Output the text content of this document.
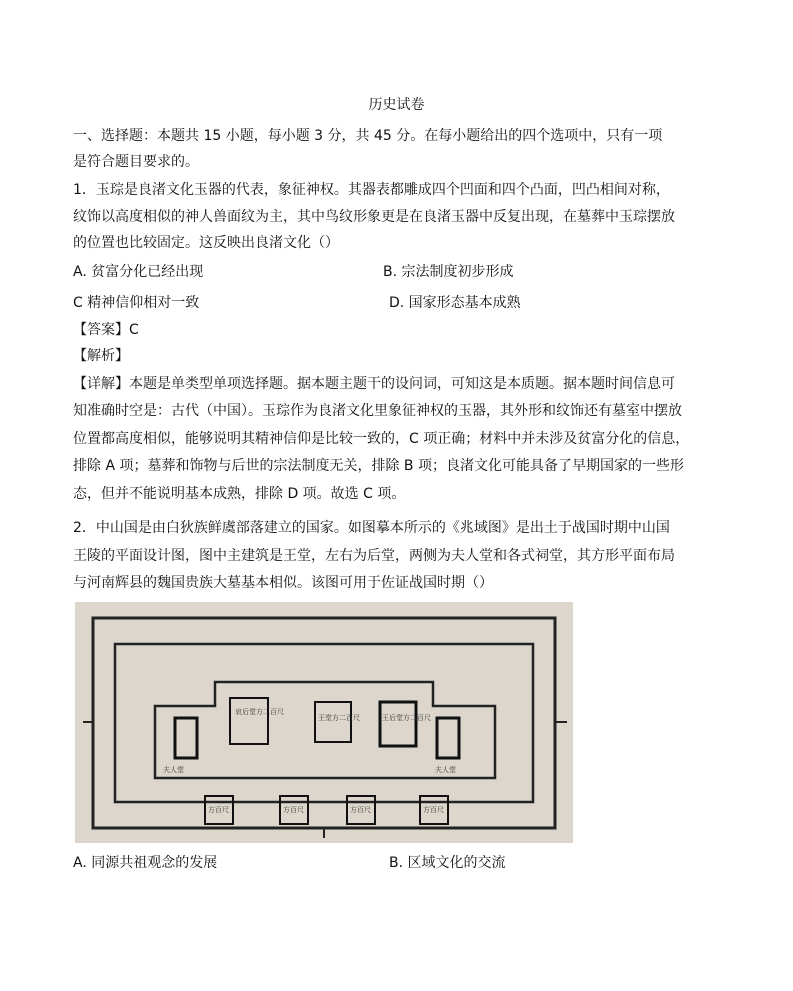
历史试卷
一、选择题：本题共 15 小题，每小题 3 分，共 45 分。在每小题给出的四个选项中，只有一项
是符合题目要求的。
1．玉琮是良渚文化玉器的代表，象征神权。其器表都雕成四个凹面和四个凸面，凹凸相间对称，
纹饰以高度相似的神人兽面纹为主，其中鸟纹形象更是在良渚玉器中反复出现，在墓葬中玉琮摆放
的位置也比较固定。这反映出良渚文化（）
A. 贫富分化已经出现	B. 宗法制度初步形成
C 精神信仰相对一致	D. 国家形态基本成熟
【答案】C
【解析】
【详解】本题是单类型单项选择题。据本题主题干的设问词，可知这是本质题。据本题时间信息可
知准确时空是：古代（中国）。玉琮作为良渚文化里象征神权的玉器，其外形和纹饰还有墓室中摆放
位置都高度相似，能够说明其精神信仰是比较一致的，C 项正确；材料中并未涉及贫富分化的信息，
排除 A 项；墓葬和饰物与后世的宗法制度无关，排除 B 项；良渚文化可能具备了早期国家的一些形
态，但并不能说明基本成熟，排除 D 项。故选 C 项。
2．中山国是由白狄族鲜虞部落建立的国家。如图摹本所示的《兆域图》是出土于战国时期中山国
王陵的平面设计图，图中主建筑是王堂，左右为后堂，两侧为夫人堂和各式祠堂，其方形平面布局
与河南辉县的魏国贵族大墓基本相似。该图可用于佐证战国时期（）
哀后堂方二百尺
王堂方二百尺	王后堂方二百尺
方百尺	方百尺	方百尺	方百尺
夫人堂	夫人堂
A. 同源共祖观念的发展	B. 区域文化的交流
